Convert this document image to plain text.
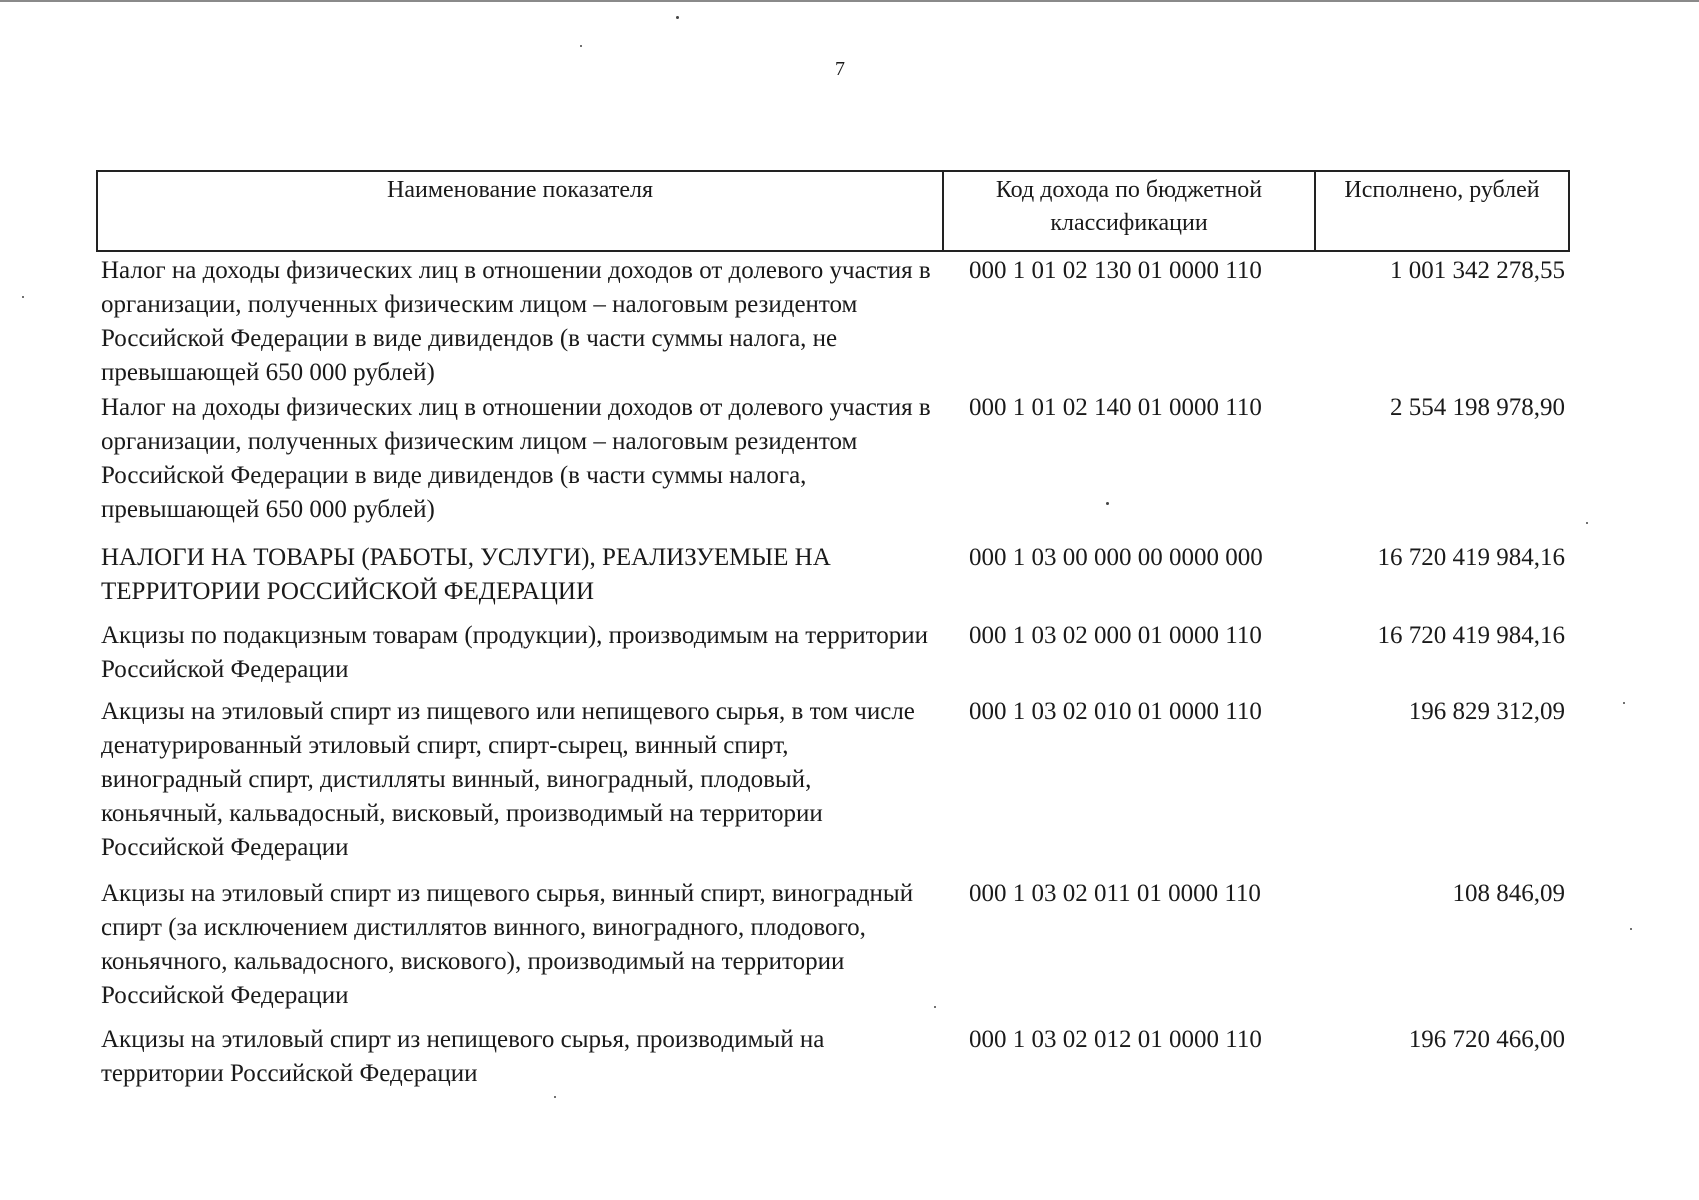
7
Наименование показателя	Код дохода по бюджетной классификации	Исполнено, рублей
Налог на доходы физических лиц в отношении доходов от долевого участия в организации, полученных физическим лицом – налоговым резидентом Российской Федерации в виде дивидендов (в части суммы налога, не превышающей 650 000 рублей)	000 1 01 02 130 01 0000 110	1 001 342 278,55
Налог на доходы физических лиц в отношении доходов от долевого участия в организации, полученных физическим лицом – налоговым резидентом Российской Федерации в виде дивидендов (в части суммы налога, превышающей 650 000 рублей)	000 1 01 02 140 01 0000 110	2 554 198 978,90
НАЛОГИ НА ТОВАРЫ (РАБОТЫ, УСЛУГИ), РЕАЛИЗУЕМЫЕ НА ТЕРРИТОРИИ РОССИЙСКОЙ ФЕДЕРАЦИИ	000 1 03 00 000 00 0000 000	16 720 419 984,16
Акцизы по подакцизным товарам (продукции), производимым на территории Российской Федерации	000 1 03 02 000 01 0000 110	16 720 419 984,16
Акцизы на этиловый спирт из пищевого или непищевого сырья, в том числе денатурированный этиловый спирт, спирт-сырец, винный спирт, виноградный спирт, дистилляты винный, виноградный, плодовый, коньячный, кальвадосный, висковый, производимый на территории Российской Федерации	000 1 03 02 010 01 0000 110	196 829 312,09
Акцизы на этиловый спирт из пищевого сырья, винный спирт, виноградный спирт (за исключением дистиллятов винного, виноградного, плодового, коньячного, кальвадосного, вискового), производимый на территории Российской Федерации	000 1 03 02 011 01 0000 110	108 846,09
Акцизы на этиловый спирт из непищевого сырья, производимый на территории Российской Федерации	000 1 03 02 012 01 0000 110	196 720 466,00
